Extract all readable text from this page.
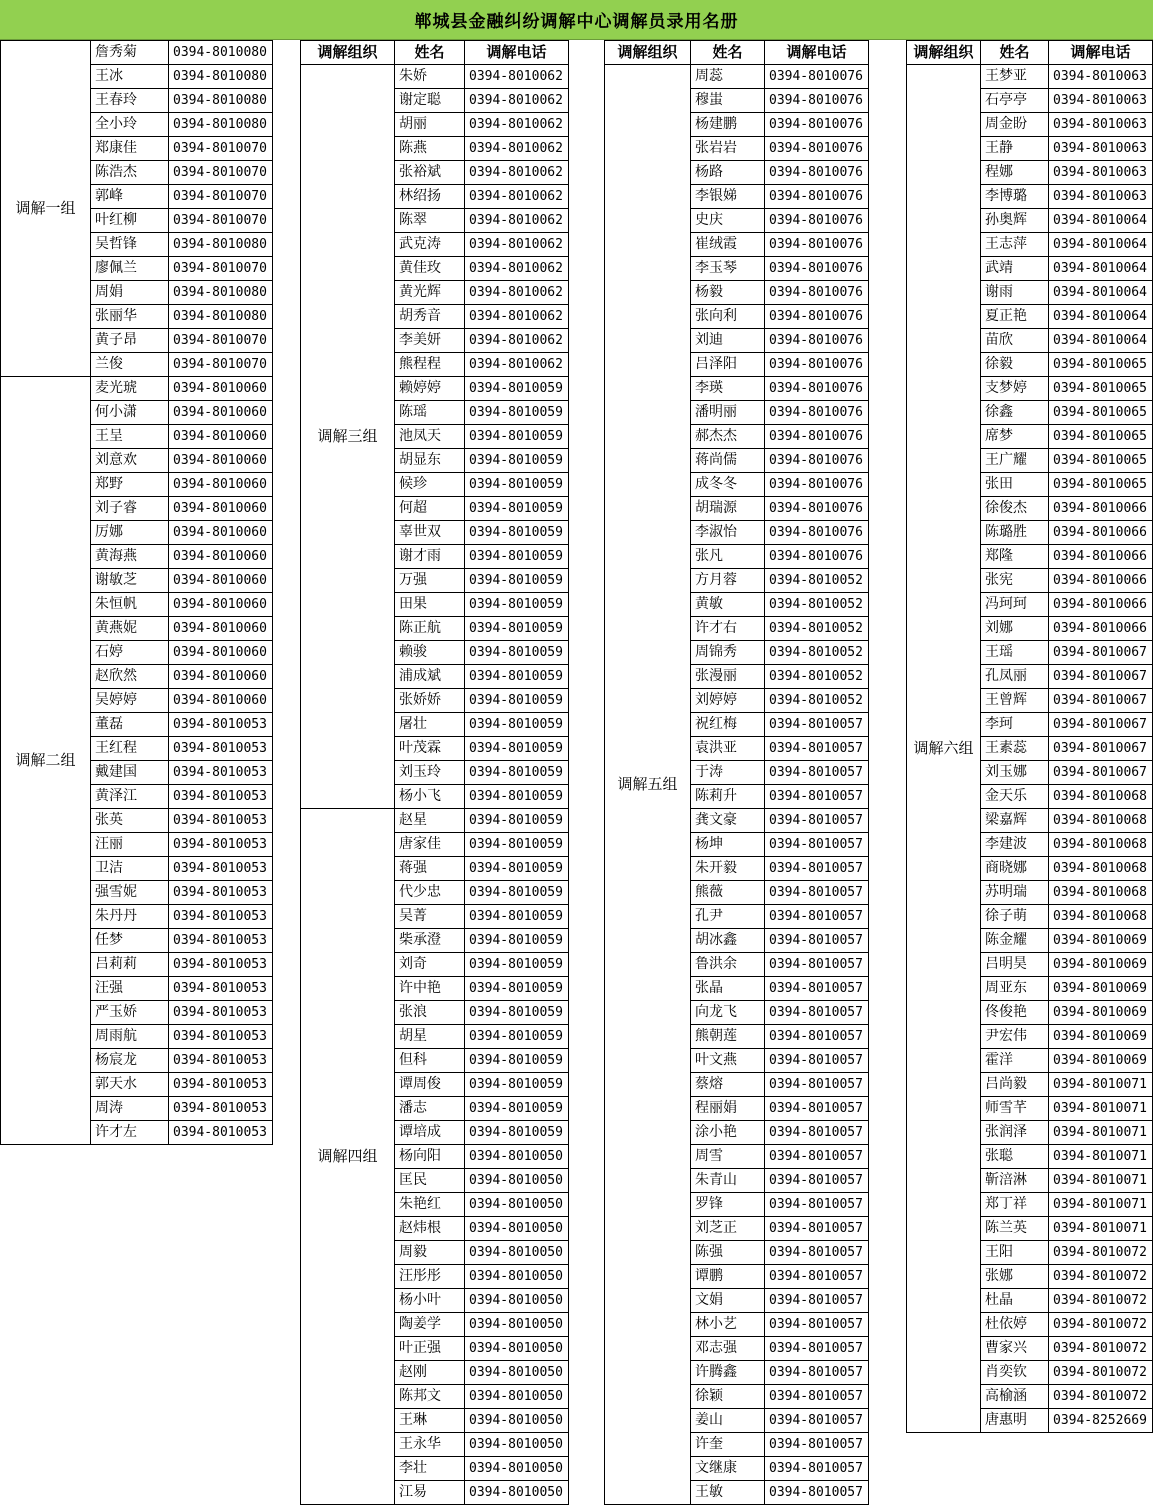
郸城县金融纠纷调解中心调解员录用名册
调解一组	詹秀菊	0394-8010080
	王冰	0394-8010080
	王春玲	0394-8010080
	全小玲	0394-8010080
	郑康佳	0394-8010070
	陈浩杰	0394-8010070
	郭峰	0394-8010070
	叶红柳	0394-8010070
	吴哲锋	0394-8010080
	廖佩兰	0394-8010070
	周娟	0394-8010080
	张丽华	0394-8010080
	黄子昂	0394-8010070
	兰俊	0394-8010070
调解二组	麦光琥	0394-8010060
	何小潇	0394-8010060
	王呈	0394-8010060
	刘意欢	0394-8010060
	郑野	0394-8010060
	刘子睿	0394-8010060
	厉娜	0394-8010060
	黄海燕	0394-8010060
	谢敏芝	0394-8010060
	朱恒帆	0394-8010060
	黄燕妮	0394-8010060
	石婷	0394-8010060
	赵欣然	0394-8010060
	吴婷婷	0394-8010060
	董磊	0394-8010053
	王红程	0394-8010053
	戴建国	0394-8010053
	黄泽江	0394-8010053
	张英	0394-8010053
	汪丽	0394-8010053
	卫洁	0394-8010053
	强雪妮	0394-8010053
	朱丹丹	0394-8010053
	任梦	0394-8010053
	吕莉莉	0394-8010053
	汪强	0394-8010053
	严玉娇	0394-8010053
	周雨航	0394-8010053
	杨宸龙	0394-8010053
	郭天水	0394-8010053
	周涛	0394-8010053
	许才左	0394-8010053
调解组织	姓名	调解电话
调解三组	朱娇	0394-8010062
	谢定聪	0394-8010062
	胡丽	0394-8010062
	陈燕	0394-8010062
	张裕斌	0394-8010062
	林绍扬	0394-8010062
	陈翠	0394-8010062
	武克涛	0394-8010062
	黄佳玫	0394-8010062
	黄光辉	0394-8010062
	胡秀音	0394-8010062
	李美妍	0394-8010062
	熊程程	0394-8010062
	赖婷婷	0394-8010059
	陈瑶	0394-8010059
	池凤天	0394-8010059
	胡显东	0394-8010059
	候珍	0394-8010059
	何超	0394-8010059
	辜世双	0394-8010059
	谢才雨	0394-8010059
	万强	0394-8010059
	田果	0394-8010059
	陈正航	0394-8010059
	赖骏	0394-8010059
	浦成斌	0394-8010059
	张娇娇	0394-8010059
	屠壮	0394-8010059
	叶茂霖	0394-8010059
	刘玉玲	0394-8010059
	杨小飞	0394-8010059
调解四组	赵星	0394-8010059
	唐家佳	0394-8010059
	蒋强	0394-8010059
	代少忠	0394-8010059
	吴菁	0394-8010059
	柴承澄	0394-8010059
	刘奇	0394-8010059
	许中艳	0394-8010059
	张浪	0394-8010059
	胡星	0394-8010059
	但科	0394-8010059
	谭周俊	0394-8010059
	潘志	0394-8010059
	谭培成	0394-8010059
	杨向阳	0394-8010050
	匡民	0394-8010050
	朱艳红	0394-8010050
	赵炜根	0394-8010050
	周毅	0394-8010050
	汪彤彤	0394-8010050
	杨小叶	0394-8010050
	陶姜学	0394-8010050
	叶正强	0394-8010050
	赵刚	0394-8010050
	陈邦文	0394-8010050
	王琳	0394-8010050
	王永华	0394-8010050
	李壮	0394-8010050
	江易	0394-8010050
调解组织	姓名	调解电话
调解五组	周蕊	0394-8010076
	穆蚩	0394-8010076
	杨建鹏	0394-8010076
	张岩岩	0394-8010076
	杨路	0394-8010076
	李银娣	0394-8010076
	史庆	0394-8010076
	崔绒霞	0394-8010076
	李玉琴	0394-8010076
	杨毅	0394-8010076
	张向利	0394-8010076
	刘迪	0394-8010076
	吕泽阳	0394-8010076
	李瑛	0394-8010076
	潘明丽	0394-8010076
	郝杰杰	0394-8010076
	蒋尚儒	0394-8010076
	成冬冬	0394-8010076
	胡瑞源	0394-8010076
	李淑怡	0394-8010076
	张凡	0394-8010076
	方月蓉	0394-8010052
	黄敏	0394-8010052
	许才右	0394-8010052
	周锦秀	0394-8010052
	张漫丽	0394-8010052
	刘婷婷	0394-8010052
	祝红梅	0394-8010057
	袁洪亚	0394-8010057
	于涛	0394-8010057
	陈莉升	0394-8010057
	龚文豪	0394-8010057
	杨坤	0394-8010057
	朱开毅	0394-8010057
	熊薇	0394-8010057
	孔尹	0394-8010057
	胡冰鑫	0394-8010057
	鲁洪余	0394-8010057
	张晶	0394-8010057
	向龙飞	0394-8010057
	熊朝莲	0394-8010057
	叶文燕	0394-8010057
	蔡熔	0394-8010057
	程丽娟	0394-8010057
	涂小艳	0394-8010057
	周雪	0394-8010057
	朱青山	0394-8010057
	罗锋	0394-8010057
	刘芝正	0394-8010057
	陈强	0394-8010057
	谭鹏	0394-8010057
	文娟	0394-8010057
	林小艺	0394-8010057
	邓志强	0394-8010057
	许腾鑫	0394-8010057
	徐颖	0394-8010057
	姜山	0394-8010057
	许奎	0394-8010057
	文继康	0394-8010057
	王敏	0394-8010057
调解组织	姓名	调解电话
调解六组	王梦亚	0394-8010063
	石亭亭	0394-8010063
	周金盼	0394-8010063
	王静	0394-8010063
	程娜	0394-8010063
	李博璐	0394-8010063
	孙奥辉	0394-8010064
	王志萍	0394-8010064
	武靖	0394-8010064
	谢雨	0394-8010064
	夏正艳	0394-8010064
	苗欣	0394-8010064
	徐毅	0394-8010065
	支梦婷	0394-8010065
	徐鑫	0394-8010065
	席梦	0394-8010065
	王广耀	0394-8010065
	张田	0394-8010065
	徐俊杰	0394-8010066
	陈璐胜	0394-8010066
	郑隆	0394-8010066
	张宪	0394-8010066
	冯珂珂	0394-8010066
	刘娜	0394-8010066
	王瑶	0394-8010067
	孔凤丽	0394-8010067
	王曾辉	0394-8010067
	李珂	0394-8010067
	王素蕊	0394-8010067
	刘玉娜	0394-8010067
	金天乐	0394-8010068
	梁嘉辉	0394-8010068
	李建波	0394-8010068
	商晓娜	0394-8010068
	苏明瑞	0394-8010068
	徐子萌	0394-8010068
	陈金耀	0394-8010069
	吕明昊	0394-8010069
	周亚东	0394-8010069
	佟俊艳	0394-8010069
	尹宏伟	0394-8010069
	霍洋	0394-8010069
	吕尚毅	0394-8010071
	师雪芊	0394-8010071
	张润泽	0394-8010071
	张聪	0394-8010071
	靳涪淋	0394-8010071
	郑丁祥	0394-8010071
	陈兰英	0394-8010071
	王阳	0394-8010072
	张娜	0394-8010072
	杜晶	0394-8010072
	杜依婷	0394-8010072
	曹家兴	0394-8010072
	肖奕钦	0394-8010072
	高榆涵	0394-8010072
	唐惠明	0394-8252669
